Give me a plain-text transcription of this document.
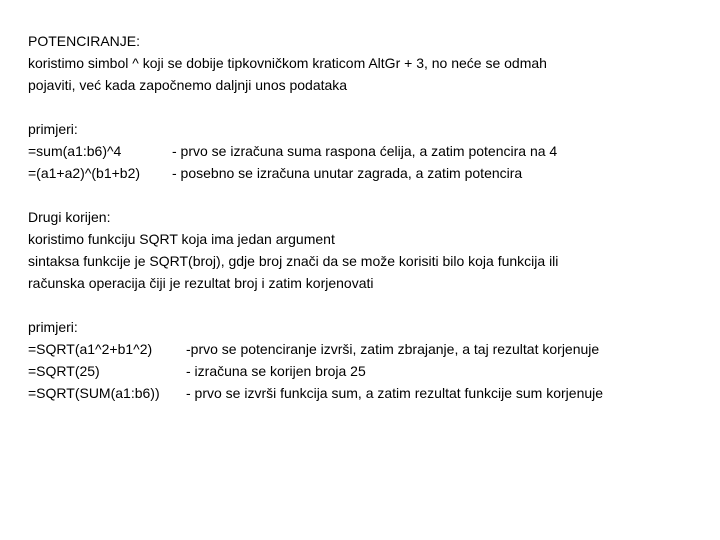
POTENCIRANJE:
koristimo simbol ^ koji se dobije tipkovničkom kraticom AltGr + 3, no neće se odmah
pojaviti, već kada započnemo daljnji unos podataka
primjeri:
=sum(a1:b6)^4	- prvo se izračuna suma raspona ćelija, a zatim potencira na 4
=(a1+a2)^(b1+b2)	- posebno se izračuna unutar zagrada, a zatim potencira
Drugi korijen:
koristimo funkciju SQRT koja ima jedan argument
sintaksa funkcije je SQRT(broj), gdje broj znači da se može korisiti bilo koja funkcija ili
računska operacija čiji je rezultat broj i zatim korjenovati
primjeri:
=SQRT(a1^2+b1^2)	-prvo se potenciranje izvrši, zatim zbrajanje, a taj rezultat korjenuje
=SQRT(25)	- izračuna se korijen broja 25
=SQRT(SUM(a1:b6))	- prvo se izvrši funkcija sum, a zatim rezultat funkcije sum korjenuje
